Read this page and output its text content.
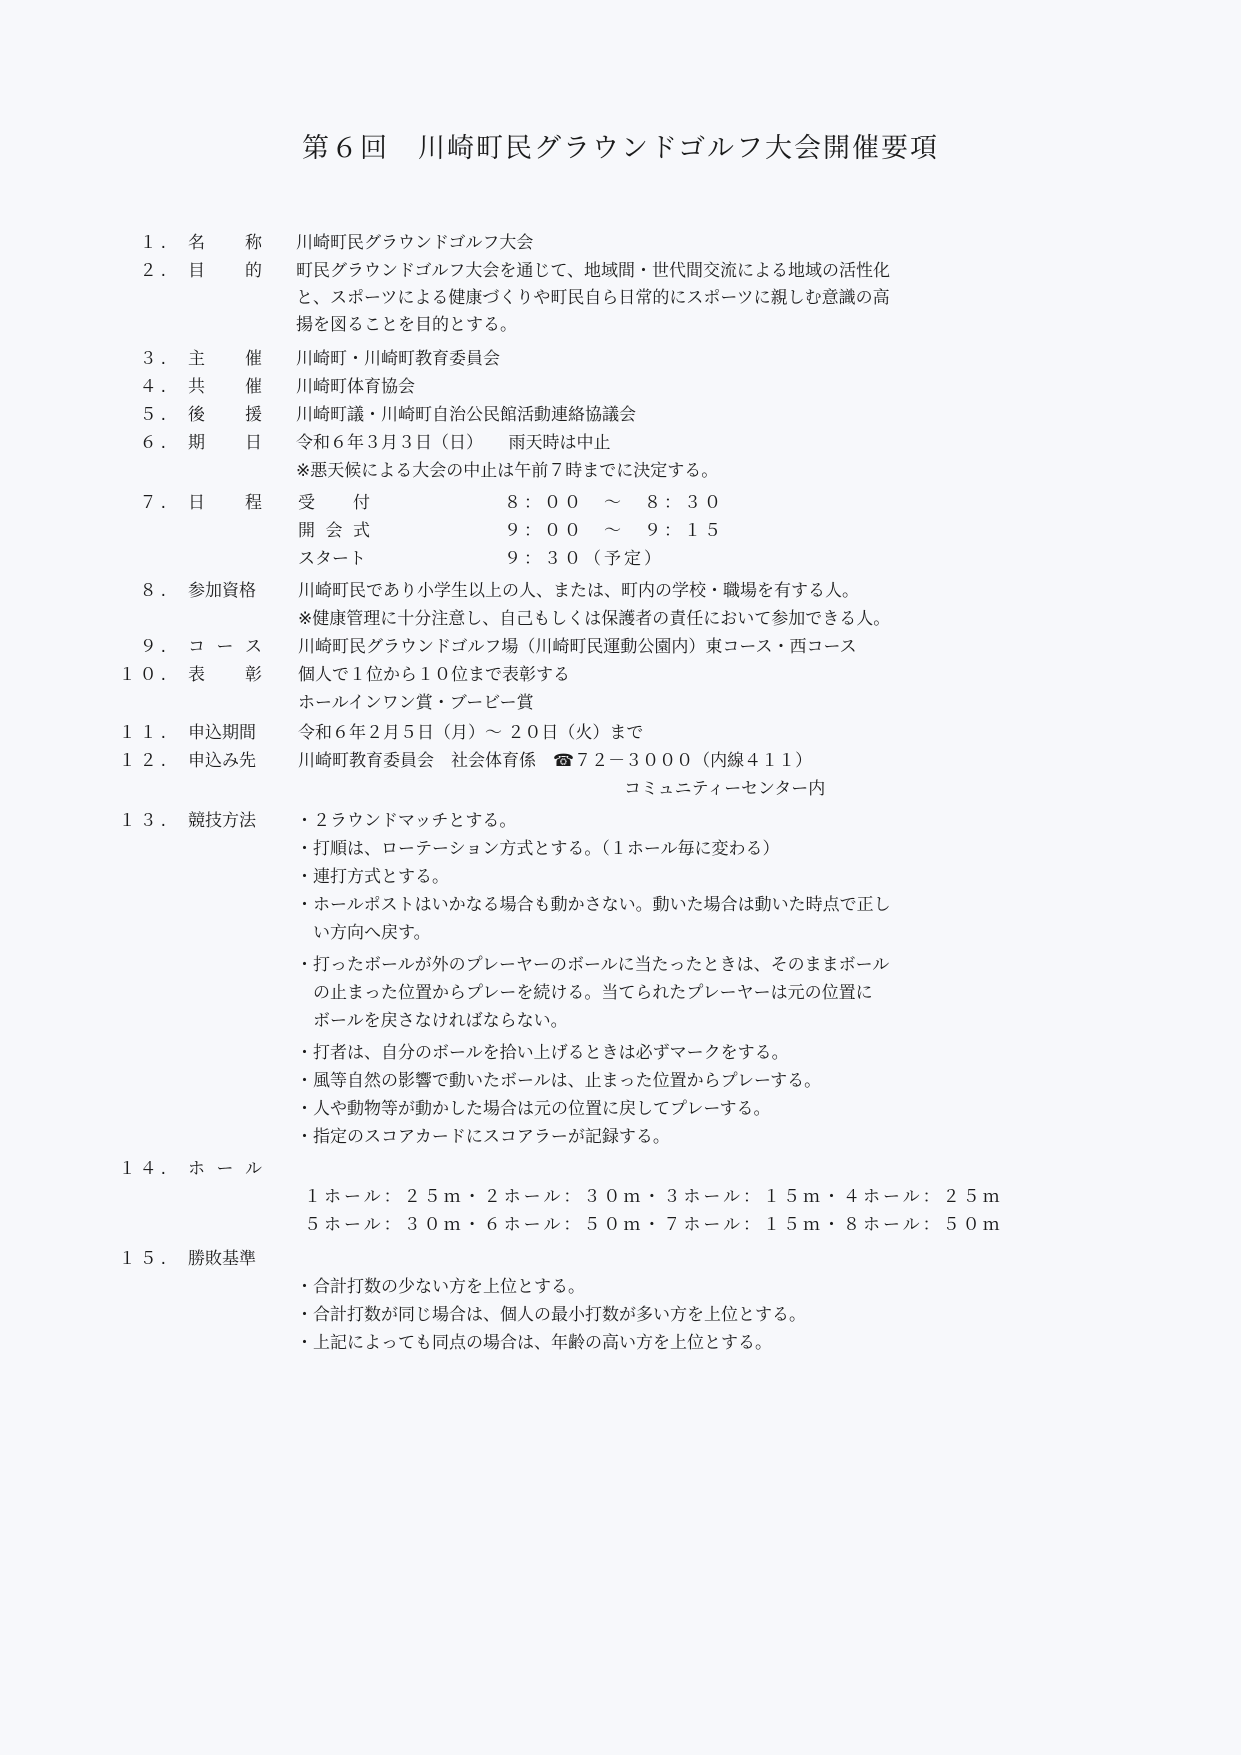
第６回　川崎町民グラウンドゴルフ大会開催要項
１. 名 称 川崎町民グラウンドゴルフ大会
２. 目 的 町民グラウンドゴルフ大会を通じて、地域間・世代間交流による地域の活性化
と、スポーツによる健康づくりや町民自ら日常的にスポーツに親しむ意識の高
揚を図ることを目的とする。
３. 主 催 川崎町・川崎町教育委員会
４. 共 催 川崎町体育協会
５. 後 援 川崎町議・川崎町自治公民館活動連絡協議会
６. 期 日 令和６年３月３日（日）　　雨天時は中止
※悪天候による大会の中止は午前７時までに決定する。
７. 日 程 受 付	８：００　～　８：３０
開 会 式	９：００　～　９：１５
スタート	９：３０（予定）
８. 参加資格	川崎町民であり小学生以上の人、または、町内の学校・職場を有する人。
※健康管理に十分注意し、自己もしくは保護者の責任において参加できる人。
９. コ ー ス 川崎町民グラウンドゴルフ場（川崎町民運動公園内）東コース・西コース
１０. 表 彰 個人で１位から１０位まで表彰する
ホールインワン賞・ブービー賞
１１. 申込期間	令和６年２月５日（月）～ ２０日（火）まで
１２. 申込み先	川崎町教育委員会　社会体育係　☎７２－３０００（内線４１１）
コミュニティーセンター内
１３. 競技方法	・２ラウンドマッチとする。
・打順は、ローテーション方式とする。（１ホール毎に変わる）
・連打方式とする。
・ホールポストはいかなる場合も動かさない。動いた場合は動いた時点で正し
　い方向へ戻す。
・打ったボールが外のプレーヤーのボールに当たったときは、そのままボール
　の止まった位置からプレーを続ける。当てられたプレーヤーは元の位置に
　ボールを戻さなければならない。
・打者は、自分のボールを拾い上げるときは必ずマークをする。
・風等自然の影響で動いたボールは、止まった位置からプレーする。
・人や動物等が動かした場合は元の位置に戻してプレーする。
・指定のスコアカードにスコアラーが記録する。
１４. ホ ー ル
１ホール：２５ｍ・２ホール：３０ｍ・３ホール：１５ｍ・４ホール：２５ｍ
５ホール：３０ｍ・６ホール：５０ｍ・７ホール：１５ｍ・８ホール：５０ｍ
１５. 勝敗基準
・合計打数の少ない方を上位とする。
・合計打数が同じ場合は、個人の最小打数が多い方を上位とする。
・上記によっても同点の場合は、年齢の高い方を上位とする。
